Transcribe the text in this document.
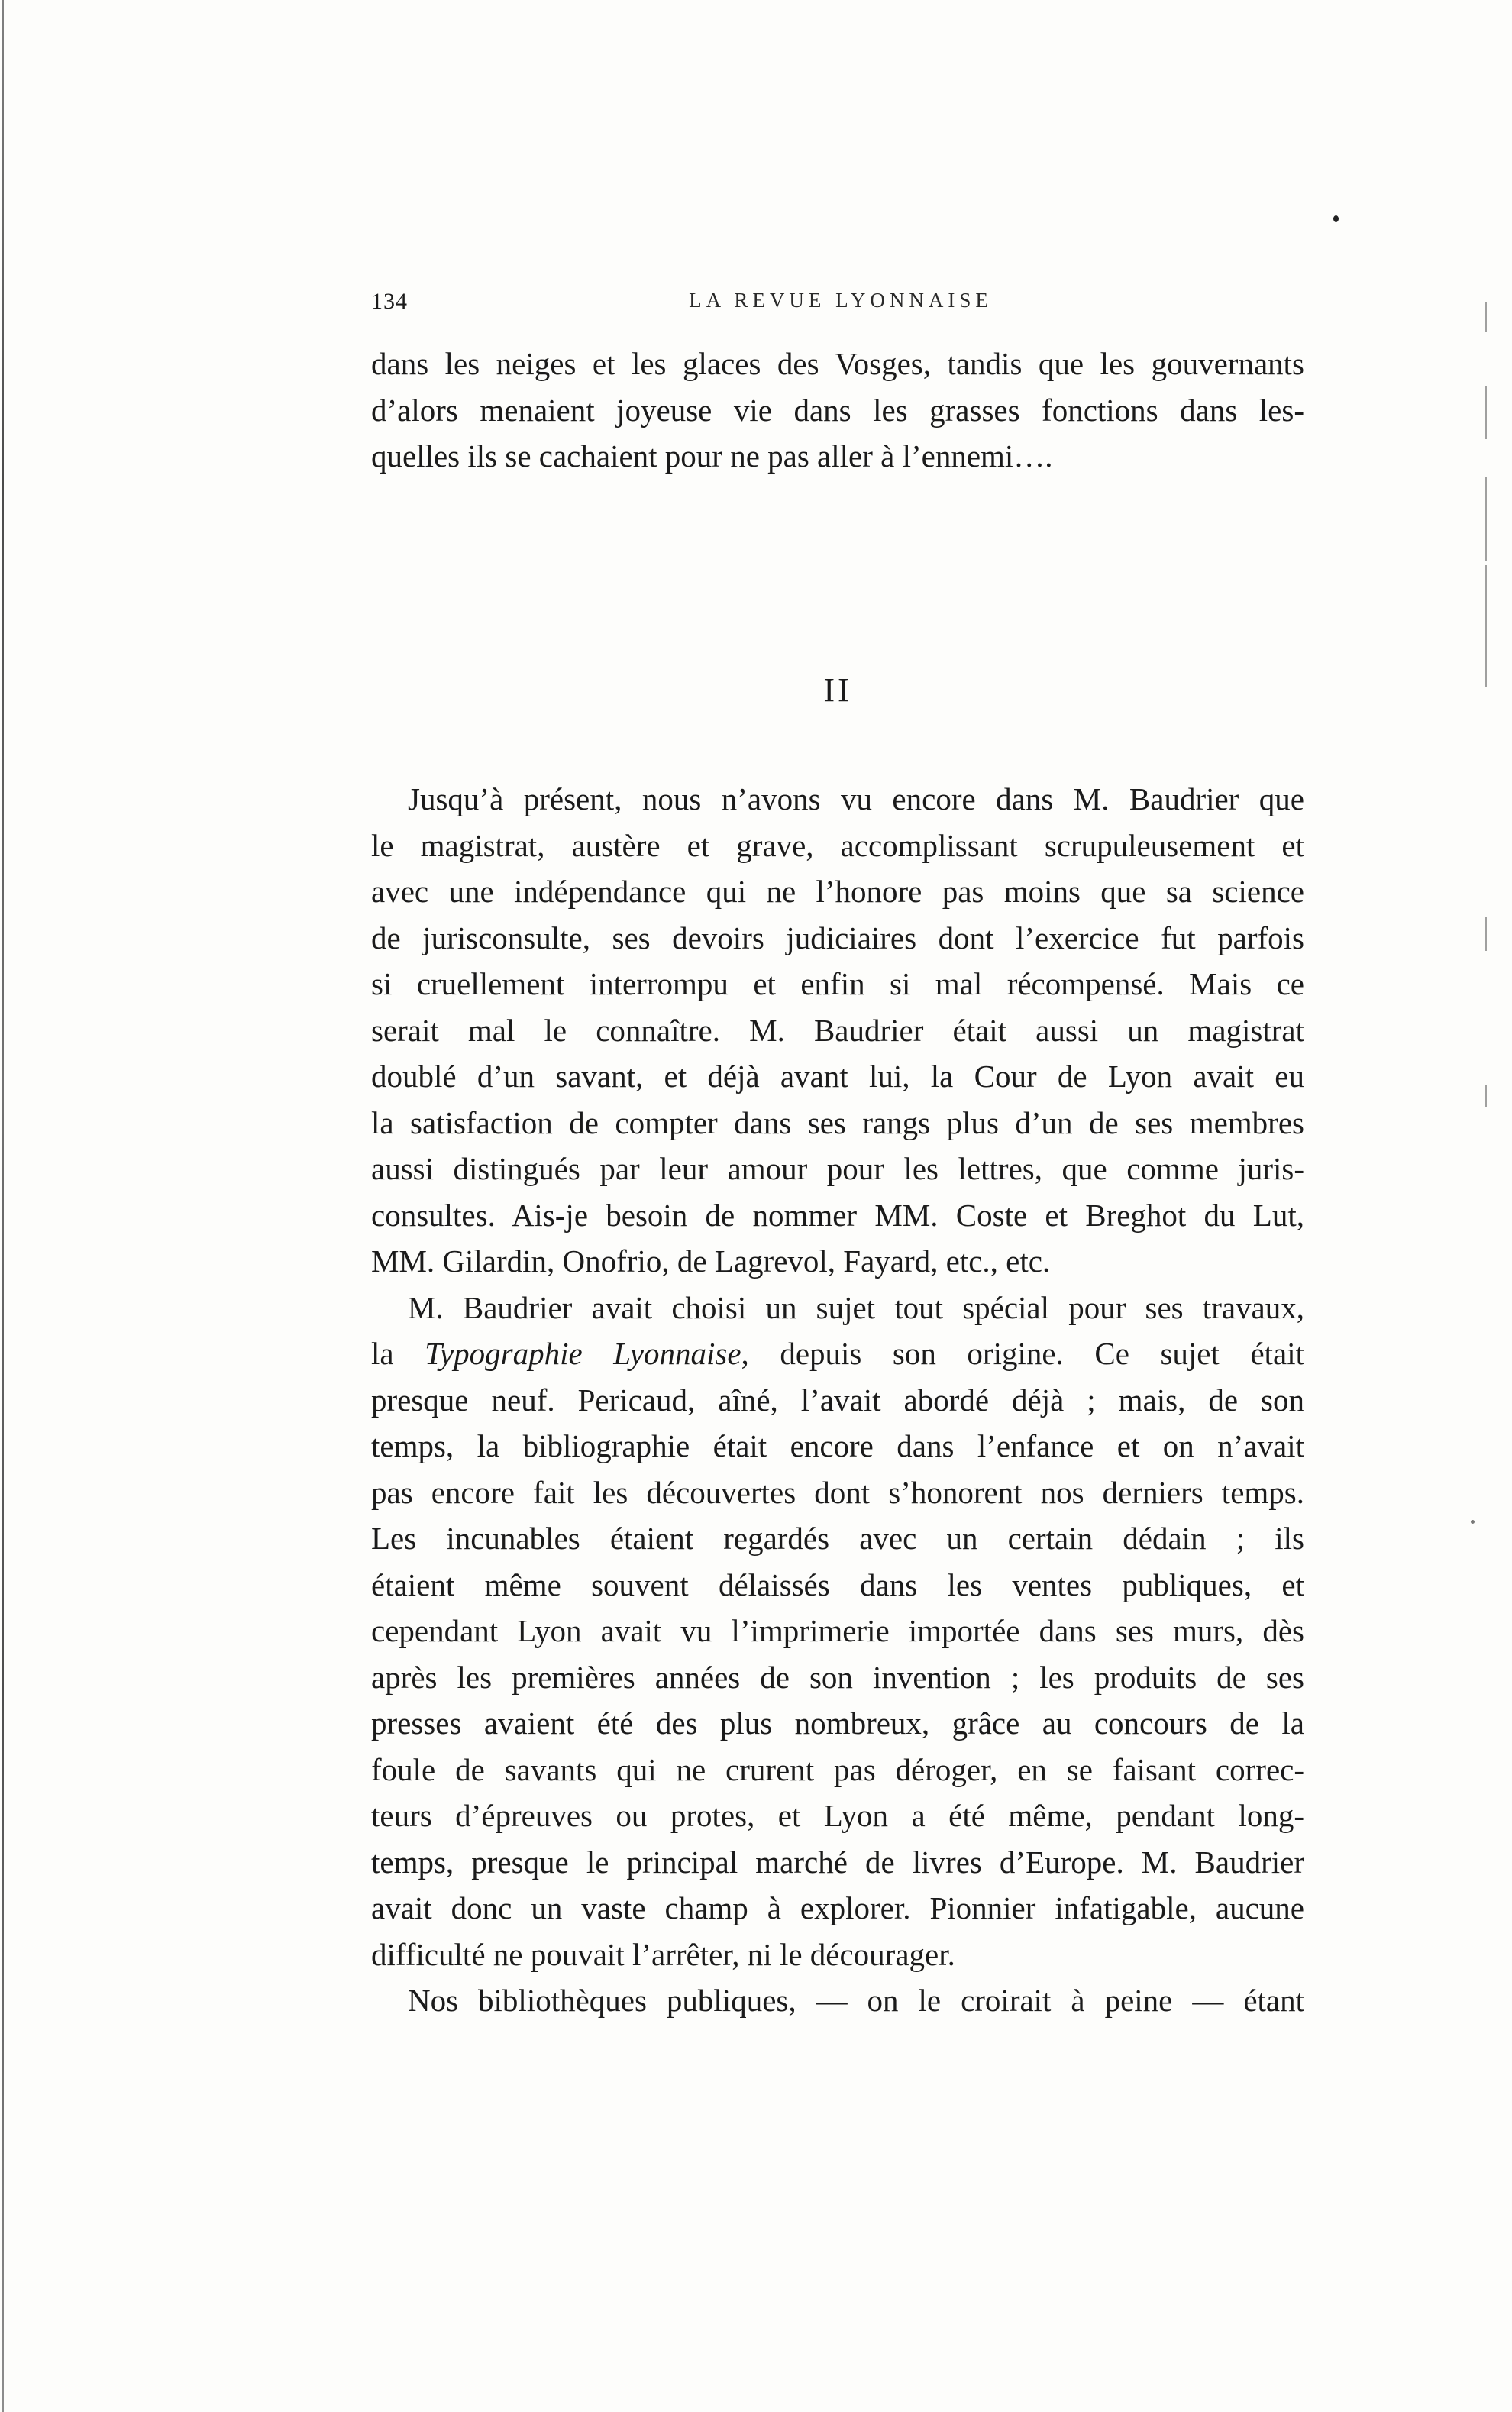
134	LA REVUE LYONNAISE

dans les neiges et les glaces des Vosges, tandis que les gouvernants
d’alors menaient joyeuse vie dans les grasses fonctions dans les-
quelles ils se cachaient pour ne pas aller à l’ennemi….

II

Jusqu’à présent, nous n’avons vu encore dans M. Baudrier que
le magistrat, austère et grave, accomplissant scrupuleusement et
avec une indépendance qui ne l’honore pas moins que sa science
de jurisconsulte, ses devoirs judiciaires dont l’exercice fut parfois
si cruellement interrompu et enfin si mal récompensé. Mais ce
serait mal le connaître. M. Baudrier était aussi un magistrat
doublé d’un savant, et déjà avant lui, la Cour de Lyon avait eu
la satisfaction de compter dans ses rangs plus d’un de ses membres
aussi distingués par leur amour pour les lettres, que comme juris-
consultes. Ais-je besoin de nommer MM. Coste et Breghot du Lut,
MM. Gilardin, Onofrio, de Lagrevol, Fayard, etc., etc.

M. Baudrier avait choisi un sujet tout spécial pour ses travaux,
la Typographie Lyonnaise, depuis son origine. Ce sujet était
presque neuf. Pericaud, aîné, l’avait abordé déjà ; mais, de son
temps, la bibliographie était encore dans l’enfance et on n’avait
pas encore fait les découvertes dont s’honorent nos derniers temps.
Les incunables étaient regardés avec un certain dédain ; ils
étaient même souvent délaissés dans les ventes publiques, et
cependant Lyon avait vu l’imprimerie importée dans ses murs, dès
après les premières années de son invention ; les produits de ses
presses avaient été des plus nombreux, grâce au concours de la
foule de savants qui ne crurent pas déroger, en se faisant correc-
teurs d’épreuves ou protes, et Lyon a été même, pendant long-
temps, presque le principal marché de livres d’Europe. M. Baudrier
avait donc un vaste champ à explorer. Pionnier infatigable, aucune
difficulté ne pouvait l’arrêter, ni le décourager.

Nos bibliothèques publiques, — on le croirait à peine — étant
